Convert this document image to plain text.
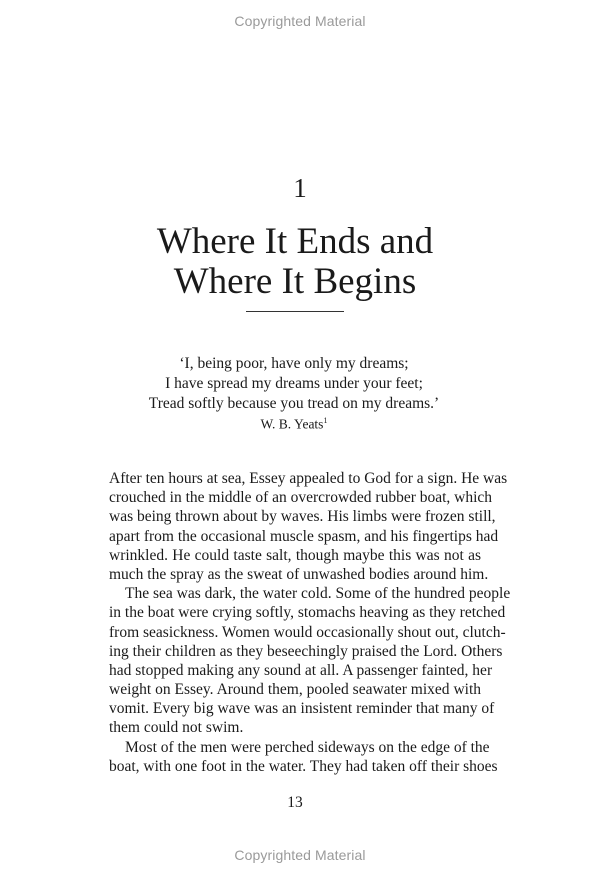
Copyrighted Material
1
Where It Ends and
Where It Begins
‘I, being poor, have only my dreams;
I have spread my dreams under your feet;
Tread softly because you tread on my dreams.’
W. B. Yeats$^1$
After ten hours at sea, Essey appealed to God for a sign. He was
crouched in the middle of an overcrowded rubber boat, which
was being thrown about by waves. His limbs were frozen still,
apart from the occasional muscle spasm, and his fingertips had
wrinkled. He could taste salt, though maybe this was not as
much the spray as the sweat of unwashed bodies around him.
The sea was dark, the water cold. Some of the hundred people
in the boat were crying softly, stomachs heaving as they retched
from seasickness. Women would occasionally shout out, clutch-
ing their children as they beseechingly praised the Lord. Others
had stopped making any sound at all. A passenger fainted, her
weight on Essey. Around them, pooled seawater mixed with
vomit. Every big wave was an insistent reminder that many of
them could not swim.
Most of the men were perched sideways on the edge of the
boat, with one foot in the water. They had taken off their shoes
13
Copyrighted Material
